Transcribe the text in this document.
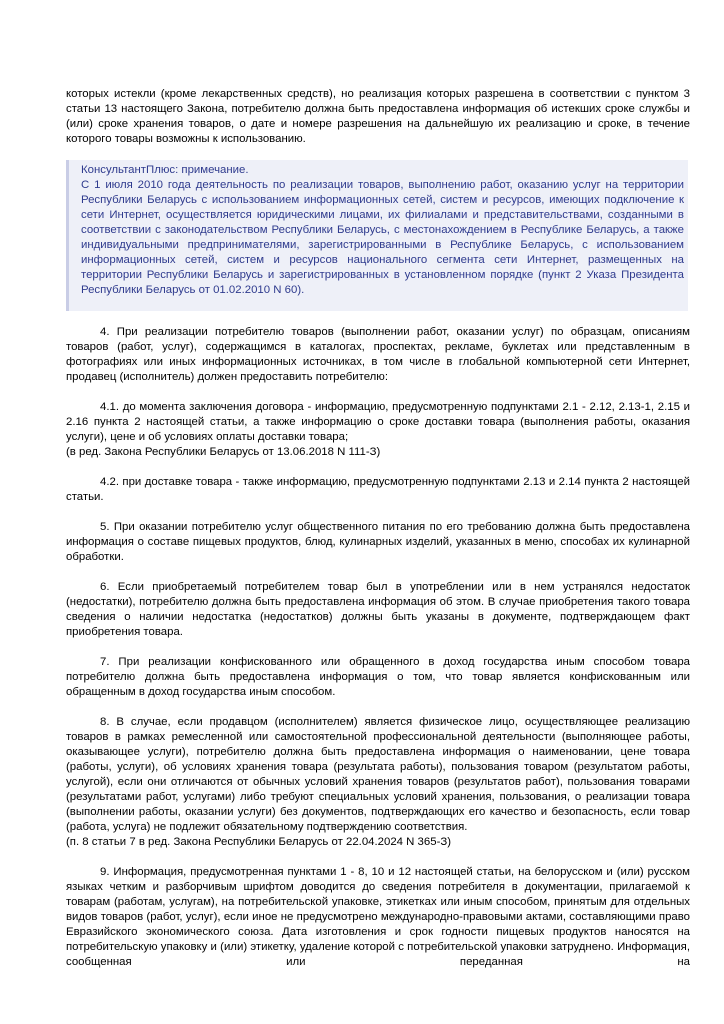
которых истекли (кроме лекарственных средств), но реализация которых разрешена в соответствии с пунктом 3 статьи 13 настоящего Закона, потребителю должна быть предоставлена информация об истекших сроке службы и (или) сроке хранения товаров, о дате и номере разрешения на дальнейшую их реализацию и сроке, в течение которого товары возможны к использованию.

КонсультантПлюс: примечание.

С 1 июля 2010 года деятельность по реализации товаров, выполнению работ, оказанию услуг на территории Республики Беларусь с использованием информационных сетей, систем и ресурсов, имеющих подключение к сети Интернет, осуществляется юридическими лицами, их филиалами и представительствами, созданными в соответствии с законодательством Республики Беларусь, с местонахождением в Республике Беларусь, а также индивидуальными предпринимателями, зарегистрированными в Республике Беларусь, с использованием информационных сетей, систем и ресурсов национального сегмента сети Интернет, размещенных на территории Республики Беларусь и зарегистрированных в установленном порядке (пункт 2 Указа Президента Республики Беларусь от 01.02.2010 N 60).

4. При реализации потребителю товаров (выполнении работ, оказании услуг) по образцам, описаниям товаров (работ, услуг), содержащимся в каталогах, проспектах, рекламе, буклетах или представленным в фотографиях или иных информационных источниках, в том числе в глобальной компьютерной сети Интернет, продавец (исполнитель) должен предоставить потребителю:

4.1. до момента заключения договора - информацию, предусмотренную подпунктами 2.1 - 2.12, 2.13-1, 2.15 и 2.16 пункта 2 настоящей статьи, а также информацию о сроке доставки товара (выполнения работы, оказания услуги), цене и об условиях оплаты доставки товара;

(в ред. Закона Республики Беларусь от 13.06.2018 N 111-З)

4.2. при доставке товара - также информацию, предусмотренную подпунктами 2.13 и 2.14 пункта 2 настоящей статьи.

5. При оказании потребителю услуг общественного питания по его требованию должна быть предоставлена информация о составе пищевых продуктов, блюд, кулинарных изделий, указанных в меню, способах их кулинарной обработки.

6. Если приобретаемый потребителем товар был в употреблении или в нем устранялся недостаток (недостатки), потребителю должна быть предоставлена информация об этом. В случае приобретения такого товара сведения о наличии недостатка (недостатков) должны быть указаны в документе, подтверждающем факт приобретения товара.

7. При реализации конфискованного или обращенного в доход государства иным способом товара потребителю должна быть предоставлена информация о том, что товар является конфискованным или обращенным в доход государства иным способом.

8. В случае, если продавцом (исполнителем) является физическое лицо, осуществляющее реализацию товаров в рамках ремесленной или самостоятельной профессиональной деятельности (выполняющее работы, оказывающее услуги), потребителю должна быть предоставлена информация о наименовании, цене товара (работы, услуги), об условиях хранения товара (результата работы), пользования товаром (результатом работы, услугой), если они отличаются от обычных условий хранения товаров (результатов работ), пользования товарами (результатами работ, услугами) либо требуют специальных условий хранения, пользования, о реализации товара (выполнении работы, оказании услуги) без документов, подтверждающих его качество и безопасность, если товар (работа, услуга) не подлежит обязательному подтверждению соответствия.

(п. 8 статьи 7 в ред. Закона Республики Беларусь от 22.04.2024 N 365-З)

9. Информация, предусмотренная пунктами 1 - 8, 10 и 12 настоящей статьи, на белорусском и (или) русском языках четким и разборчивым шрифтом доводится до сведения потребителя в документации, прилагаемой к товарам (работам, услугам), на потребительской упаковке, этикетках или иным способом, принятым для отдельных видов товаров (работ, услуг), если иное не предусмотрено международно-правовыми актами, составляющими право Евразийского экономического союза. Дата изготовления и срок годности пищевых продуктов наносятся на потребительскую упаковку и (или) этикетку, удаление которой с потребительской упаковки затруднено. Информация, сообщенная или переданная на
